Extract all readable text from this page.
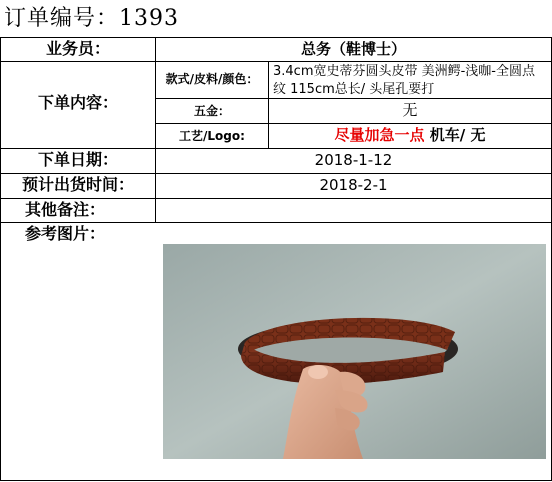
订单编号：1393
业务员：	总务（鞋博士）
下单内容：
款式/皮料/颜色：	3.4cm宽史蒂芬圆头皮带 美洲鳄-浅咖-全圆点纹 115cm总长/ 头尾孔要打
五金：	无
工艺/Logo:	尽量加急一点 机车/ 无
下单日期：	2018-1-12
预计出货时间：	2018-2-1
其他备注：
参考图片：
